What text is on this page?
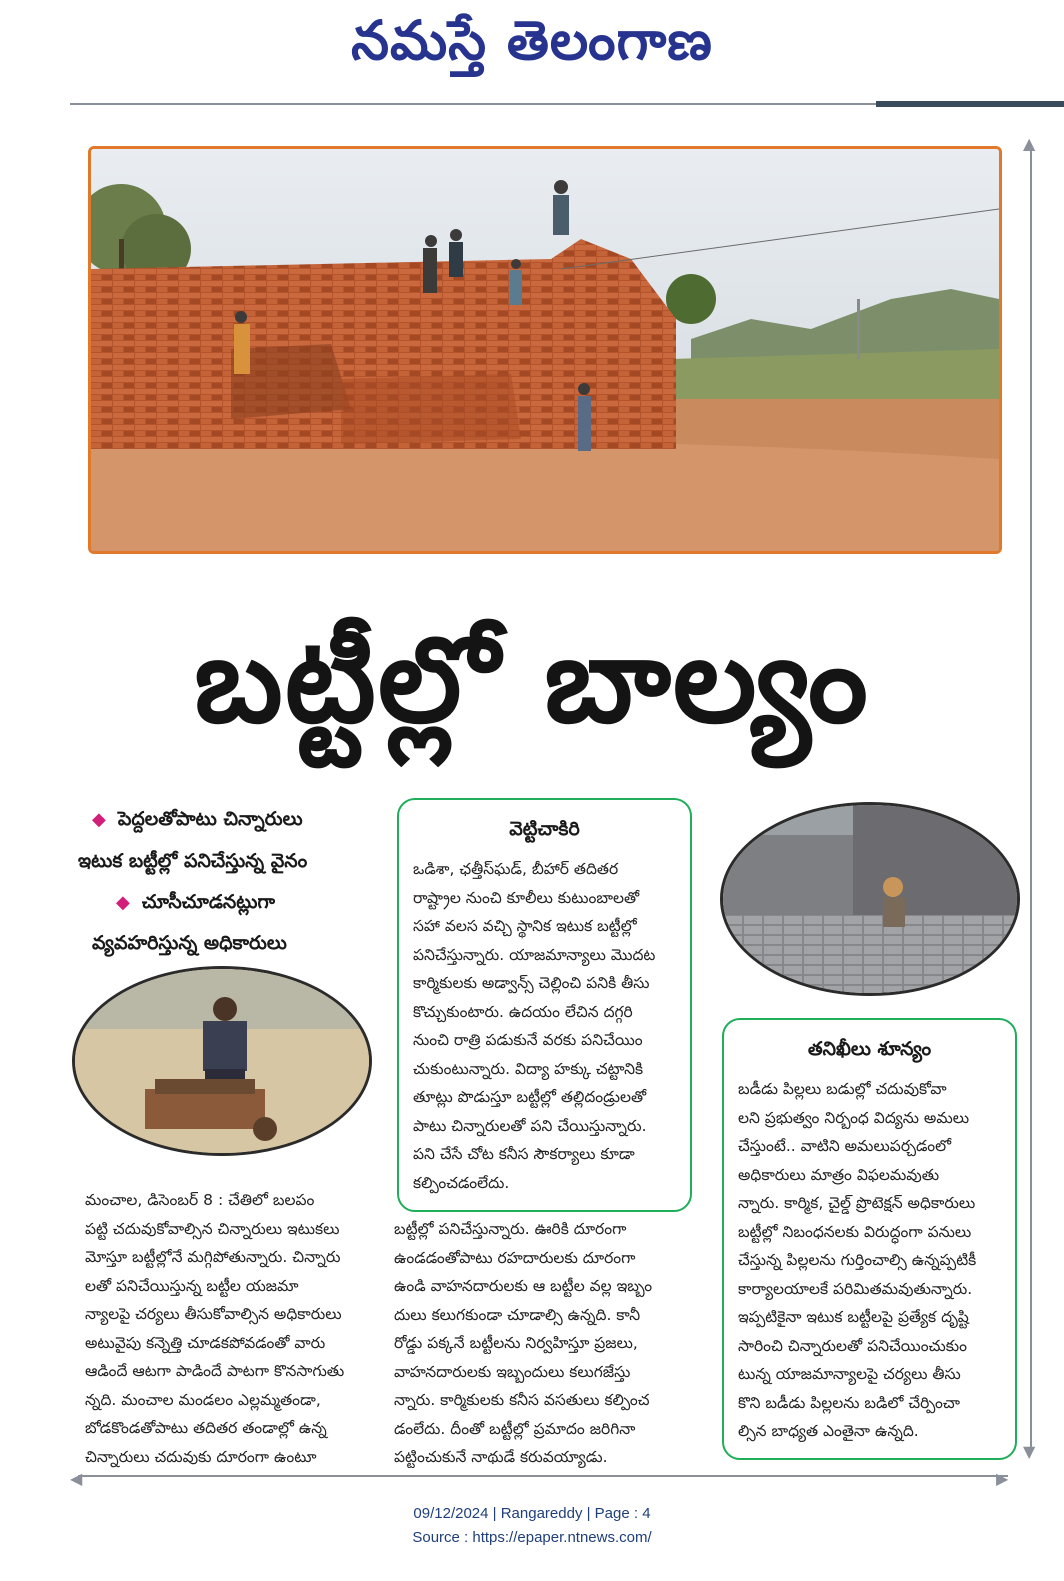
నమస్తే తెలంగాణ
▲
▼
బట్టీల్లో బాల్యం
◆ పెద్దలతోపాటు చిన్నారులు
ఇటుక బట్టీల్లో పనిచేస్తున్న వైనం
◆ చూసీచూడనట్లుగా
వ్యవహరిస్తున్న అధికారులు
వెట్టిచాకిరి
ఒడిశా, ఛత్తీస్‌ఘడ్, బీహార్ తదితర
రాష్ట్రాల నుంచి కూలీలు కుటుంబాలతో
సహా వలస వచ్చి స్థానిక ఇటుక బట్టీల్లో
పనిచేస్తున్నారు. యాజమాన్యాలు మొదట
కార్మికులకు అడ్వాన్స్ చెల్లించి పనికి తీసు
కొచ్చుకుంటారు. ఉదయం లేచిన దగ్గరి
నుంచి రాత్రి పడుకునే వరకు పనిచేయిం
చుకుంటున్నారు. విద్యా హక్కు చట్టానికి
తూట్లు పొడుస్తూ బట్టీల్లో తల్లిదండ్రులతో
పాటు చిన్నారులతో పని చేయిస్తున్నారు.
పని చేసే చోట కనీస సౌకర్యాలు కూడా
కల్పించడంలేదు.
తనిఖీలు శూన్యం
బడీడు పిల్లలు బడుల్లో చదువుకోవా
లని ప్రభుత్వం నిర్బంధ విద్యను అమలు
చేస్తుంటే.. వాటిని అమలుపర్చడంలో
అధికారులు మాత్రం విఫలమవుతు
న్నారు. కార్మిక, చైల్డ్ ప్రొటెక్షన్ అధికారులు
బట్టీల్లో నిబంధనలకు విరుద్ధంగా పనులు
చేస్తున్న పిల్లలను గుర్తించాల్సి ఉన్నప్పటికీ
కార్యాలయాలకే పరిమితమవుతున్నారు.
ఇప్పటికైనా ఇటుక బట్టీలపై ప్రత్యేక దృష్టి
సారించి చిన్నారులతో పనిచేయించుకుం
టున్న యాజమాన్యాలపై చర్యలు తీసు
కొని బడీడు పిల్లలను బడిలో చేర్పించా
ల్సిన బాధ్యత ఎంతైనా ఉన్నది.
మంచాల, డిసెంబర్ 8 : చేతిలో బలపం
పట్టి చదువుకోవాల్సిన చిన్నారులు ఇటుకలు
మోస్తూ బట్టీల్లోనే మగ్గిపోతున్నారు. చిన్నారు
లతో పనిచేయిస్తున్న బట్టీల యజమా
న్యాలపై చర్యలు తీసుకోవాల్సిన అధికారులు
అటువైపు కన్నెత్తి చూడకపోవడంతో వారు
ఆడిందే ఆటగా పాడిందే పాటగా కొనసాగుతు
న్నది. మంచాల మండలం ఎల్లమ్మతండా,
బోడకొండతోపాటు తదితర తండాల్లో ఉన్న
చిన్నారులు చదువుకు దూరంగా ఉంటూ
బట్టీల్లో పనిచేస్తున్నారు. ఊరికి దూరంగా
ఉండడంతోపాటు రహదారులకు దూరంగా
ఉండి వాహనదారులకు ఆ బట్టీల వల్ల ఇబ్బం
దులు కలుగకుండా చూడాల్సి ఉన్నది. కానీ
రోడ్డు పక్కనే బట్టీలను నిర్వహిస్తూ ప్రజలు,
వాహనదారులకు ఇబ్బందులు కలుగజేస్తు
న్నారు. కార్మికులకు కనీస వసతులు కల్పించ
డంలేదు. దీంతో బట్టీల్లో ప్రమాదం జరిగినా
పట్టించుకునే నాథుడే కరువయ్యాడు.
◀	▶
09/12/2024 | Rangareddy | Page : 4
Source : https://epaper.ntnews.com/
